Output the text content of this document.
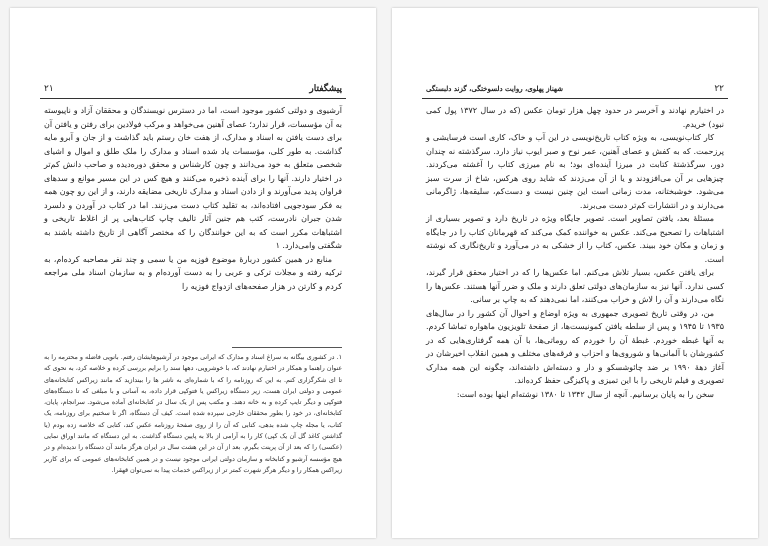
۲۱	پیشگفتار

آرشیوی و دولتی کشور موجود است، اما در دسترس نویسندگان و محققان آزاد و ناپیوسته به آن مؤسسات، قرار ندارد؛ عصای آهنین می‌خواهد و مرکب فولادین برای رفتن و یافتن آن برای دست یافتن به اسناد و مدارک، از هفت خان رستم باید گذاشت و از جان و آبرو مایه گذاشت. به طور کلی، مؤسسات یاد شده اسناد و مدارک را ملک طلق و اموال و اشیای شخصی متعلق به خود می‌دانند و چون کارشناس و محقق دوره‌دیده و صاحب دانش کم‌تر در اختیار دارند. آنها را برای آینده ذخیره می‌کنند و هیچ کس در این مسیر موانع و سدهای فراوان پدید می‌آورند و از دادن اسناد و مدارک تاریخی مضایقه دارند، و از این رو چون همه به فکر سودجویی افتاده‌اند، به تقلید کتاب دست می‌زنند. اما در کتاب در آوردن و دلسرد شدن جبران نادرست، کتب هم جنین آثار تالیف چاپ کتاب‌هایی پر از اغلاط تاریخی و اشتباهات مکرر است که به این خوانندگان را که مختصر آگاهی از تاریخ داشته باشند به شگفتی وامی‌دارد. ۱

منابع در همین کشور دربارهٔ موضوع فوزیه من یا سمی و چند نفر مصاحبه کرده‌ام، به ترکیه رفته و مجلات ترکی و عربی را به دست آورده‌ام و به سازمان اسناد ملی مراجعه کردم و کارتن در هزار صفحه‌های ازدواج فوزیه را

۱. در کشوری بیگانه به سراغ اسناد و مدارک که ایرانی موجود در آرشیوهایشان رفتم. بانویی فاضله و محترمه را به عنوان راهنما و همکار در اختیارم نهادند که، با خوشرویی، دهها سند را برایم بررسی کرده و خلاصه کرد، به نحوی که تا ای شکرگزاری کنم. به این که روزنامه را که با شماره‌ای به ناشر ها را بیندازید که مانند زیراکس کتابخانه‌های عمومی و دولتی ایران هست، زیر دستگاه زیراکس یا فتوکپی قرار داده، به آسانی و با مبلغی که تا دستگاه‌های فتوکپی و دیگر تایپ کرده و به خانه دهند. و مکتب پس از یک سال در کتابخانه‌ای آماده می‌شود. سرانجام، پایان، کتابخانه‌ای، در خود را بطور محققان خارجی سپرده شده است. کیف آن دستگاه، اگر تا سختیم برای روزنامه، یک کتاب، یا مجله چاپ شده بدهی، کتابی که آن را از روی صفحهٔ روزنامه عکس کند، کتابی که خلاصه زده بودم (یا گذاشتن کاغذ گل آن یک کپی) کار را به آرامی از بالا به پایین دستگاه گذاشت. به این دستگاه که مانند اوراق نمایی (عکسی) را که بعد از آن پرینت بگیرم. بعد از آن در این هشت سال در ایران هرگز مانند آن دستگاه را ندیده‌ام و در هیچ مؤسسه آرشیو و کتابخانه و سازمان دولتی ایرانی موجود نیست و در همین کتابخانه‌های عمومی که برای کاربر زیراکس همکار را و دیگر هرگز شهرت کمتر تر از زیراکس خدمات پیدا به نمی‌توان قهقرا.

۲۲
شهناز پهلوی، روایت دلسوختگی، گزند دلبستگی

در اختیارم نهادند و آخرسر در حدود چهل هزار تومان عکس (که در سال ۱۳۷۲ پول کمی نبود) خریدم.

کار کتاب‌نویسی، به ویژه کتاب تاریخ‌نویسی در این آب و خاک، کاری است فرسایشی و پرزحمت. که به کفش و عصای آهنین، عمر نوح و صبر ایوب نیاز دارد. سرگذشته نه چندان دور، سرگذشتهٔ کتابت در میرزا آینده‌ای بود؛ به نام میرزی کتاب را آغشته می‌کردند. چیزهایی بر آن می‌افزودند و یا از آن می‌زدند که شاید روی هرکس، شاخ از سرت سبز می‌شود. خوشبختانه، مدت زمانی است این چنین نیست و دست‌کم، سلیقه‌ها، ژاگرمانی می‌دارند و در انتشارات کم‌تر دست می‌برند.

مسئلهٔ بعد، یافتن تصاویر است. تصویر جایگاه ویژه در تاریخ دارد و تصویر بسیاری از اشتباهات را تصحیح می‌کند. عکس به خواننده کمک می‌کند که قهرمانان کتاب را در جایگاه و زمان و مکان خود ببیند. عکس، کتاب را از خشکی به در می‌آورد و تاریخ‌نگاری که نوشته است.

برای یافتن عکس، بسیار تلاش می‌کنم. اما عکس‌ها را که در اختیار محقق قرار گیرند، کسی ندارد. آنها نیز به سازمان‌های دولتی تعلق دارند و ملک و ضرر آنها هستند. عکس‌ها را نگاه می‌دارند و آن را لاش و خراب می‌کنند، اما نمی‌دهند که به چاپ بر سانی.

من، در وقتی تاریخ تصویری جمهوری به ویژه اوضاع و احوال آن کشور را در سال‌های ۱۹۳۵ تا ۱۹۴۵ و پس از سلطه یافتن کمونیست‌ها، از صفحهٔ تلویزیون ماهواره تماشا کردم. به آنها غبطه خوردم. غبطهٔ آن را خوردم که روماتی‌ها، با آن همه گرفتاری‌هایی که در کشورشان با آلمانی‌ها و شوروی‌ها و احزاب و فرقه‌های مختلف و همین انقلاب اخیرشان در آغاز دههٔ ۱۹۹۰ بر ضد چائوشسکو و دار و دسته‌اش داشته‌اند، چگونه این همه مدارک تصویری و فیلم تاریخی را با این تمیزی و پاکیزگی حفظ کرده‌اند.

سخن را به پایان برسانیم. آنچه از سال ۱۳۴۲ تا ۱۳۸۰ نوشته‌ام اینها بوده است:
